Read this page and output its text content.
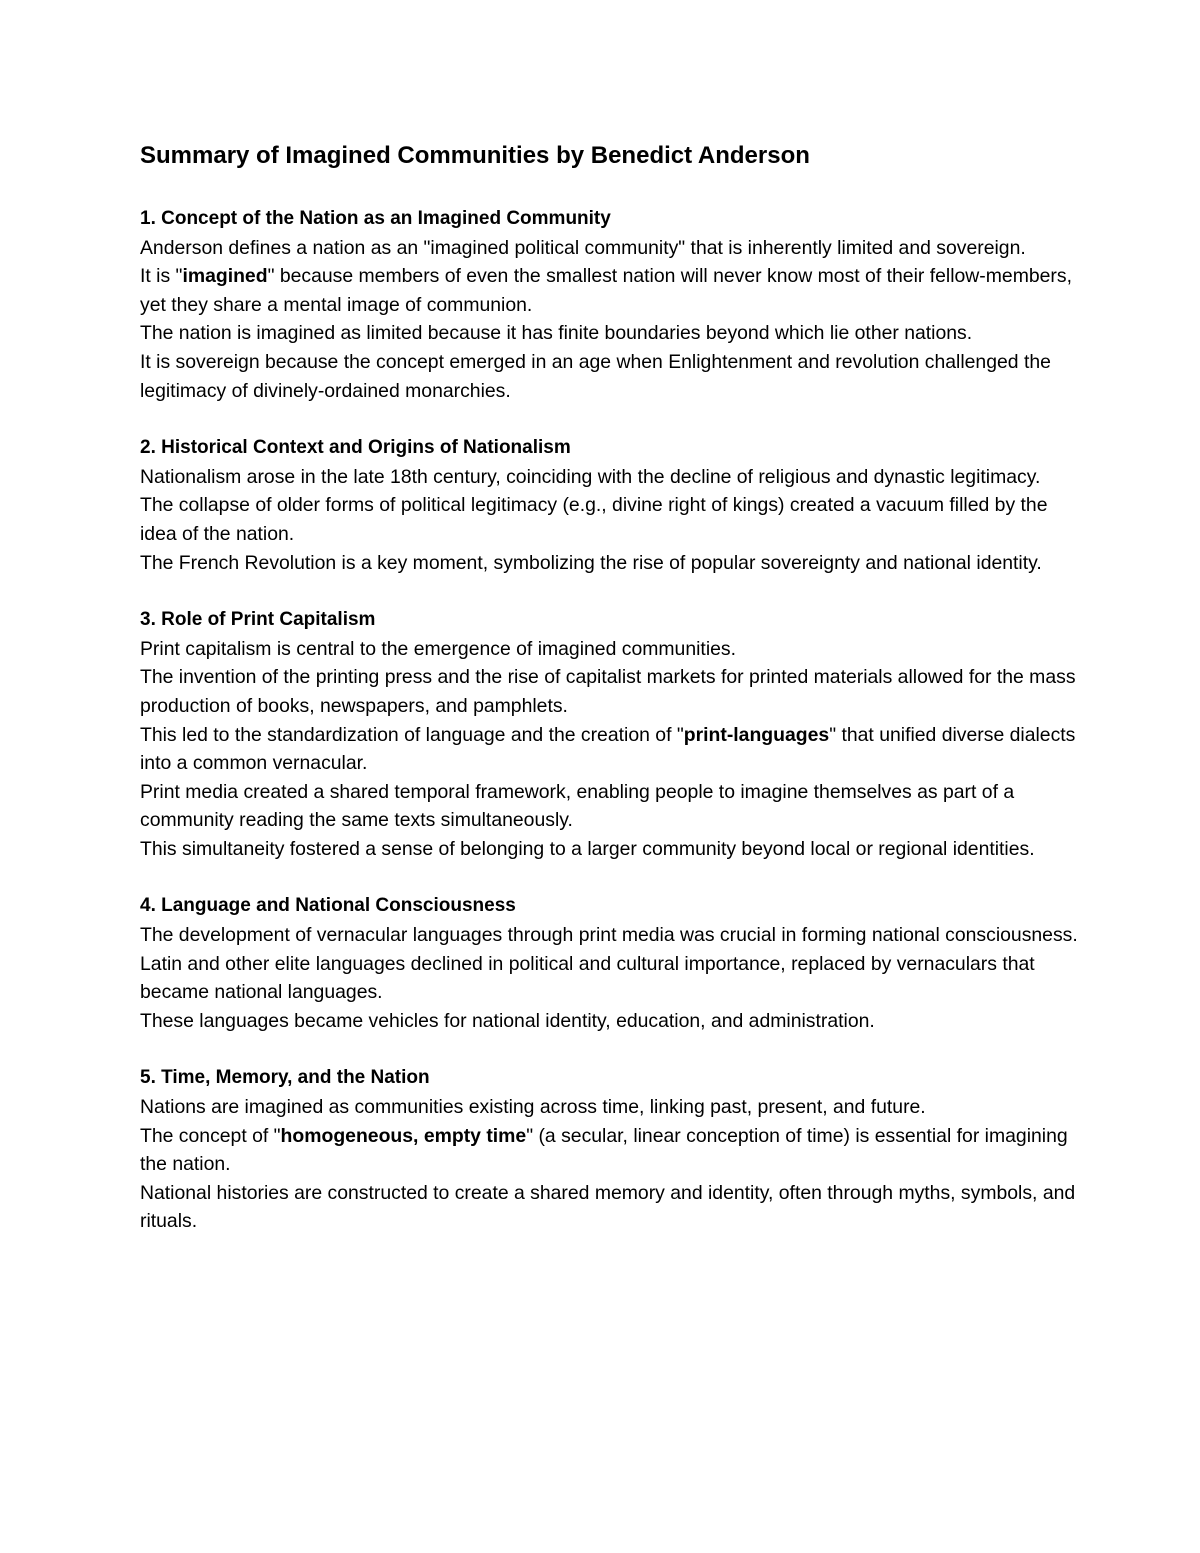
Summary of Imagined Communities by Benedict Anderson
1. Concept of the Nation as an Imagined Community
Anderson defines a nation as an "imagined political community" that is inherently limited and sovereign.
It is "imagined" because members of even the smallest nation will never know most of their fellow-members, yet they share a mental image of communion.
The nation is imagined as limited because it has finite boundaries beyond which lie other nations.
It is sovereign because the concept emerged in an age when Enlightenment and revolution challenged the legitimacy of divinely-ordained monarchies.
2. Historical Context and Origins of Nationalism
Nationalism arose in the late 18th century, coinciding with the decline of religious and dynastic legitimacy.
The collapse of older forms of political legitimacy (e.g., divine right of kings) created a vacuum filled by the idea of the nation.
The French Revolution is a key moment, symbolizing the rise of popular sovereignty and national identity.
3. Role of Print Capitalism
Print capitalism is central to the emergence of imagined communities.
The invention of the printing press and the rise of capitalist markets for printed materials allowed for the mass production of books, newspapers, and pamphlets.
This led to the standardization of language and the creation of "print-languages" that unified diverse dialects into a common vernacular.
Print media created a shared temporal framework, enabling people to imagine themselves as part of a community reading the same texts simultaneously.
This simultaneity fostered a sense of belonging to a larger community beyond local or regional identities.
4. Language and National Consciousness
The development of vernacular languages through print media was crucial in forming national consciousness.
Latin and other elite languages declined in political and cultural importance, replaced by vernaculars that became national languages.
These languages became vehicles for national identity, education, and administration.
5. Time, Memory, and the Nation
Nations are imagined as communities existing across time, linking past, present, and future.
The concept of "homogeneous, empty time" (a secular, linear conception of time) is essential for imagining the nation.
National histories are constructed to create a shared memory and identity, often through myths, symbols, and rituals.
